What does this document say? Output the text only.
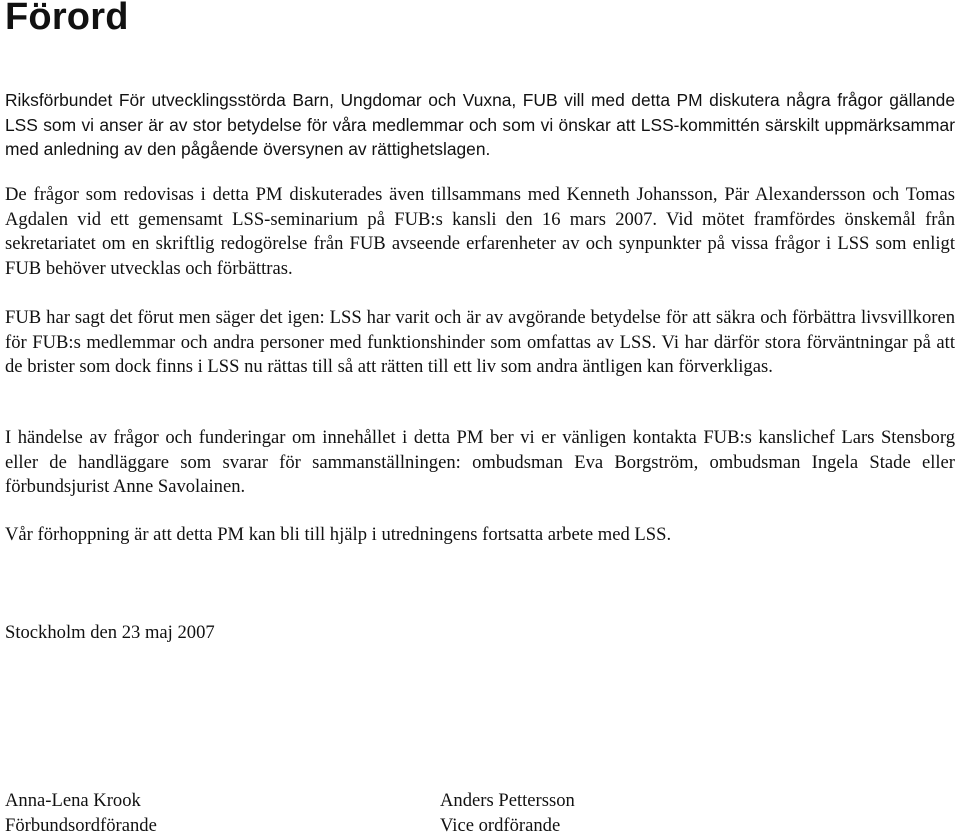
Förord

Riksförbundet För utvecklingsstörda Barn, Ungdomar och Vuxna, FUB vill med detta PM diskutera några frågor gällande LSS som vi anser är av stor betydelse för våra medlemmar och som vi önskar att LSS-kommittén särskilt uppmärksammar med anledning av den pågående översynen av rättighetslagen.

De frågor som redovisas i detta PM diskuterades även tillsammans med Kenneth Johansson, Pär Alexandersson och Tomas Agdalen vid ett gemensamt LSS-seminarium på FUB:s kansli den 16 mars 2007. Vid mötet framfördes önskemål från sekretariatet om en skriftlig redogörelse från FUB avseende erfarenheter av och synpunkter på vissa frågor i LSS som enligt FUB behöver utvecklas och förbättras.

FUB har sagt det förut men säger det igen: LSS har varit och är av avgörande betydelse för att säkra och förbättra livsvillkoren för FUB:s medlemmar och andra personer med funktionshinder som omfattas av LSS. Vi har därför stora förväntningar på att de brister som dock finns i LSS nu rättas till så att rätten till ett liv som andra äntligen kan förverkligas.

I händelse av frågor och funderingar om innehållet i detta PM ber vi er vänligen kontakta FUB:s kanslichef Lars Stensborg eller de handläggare som svarar för sammanställningen: ombudsman Eva Borgström, ombudsman Ingela Stade eller förbundsjurist Anne Savolainen.

Vår förhoppning är att detta PM kan bli till hjälp i utredningens fortsatta arbete med LSS.

Stockholm den 23 maj 2007

Anna-Lena Krook
Förbundsordförande
Anders Pettersson
Vice ordförande
